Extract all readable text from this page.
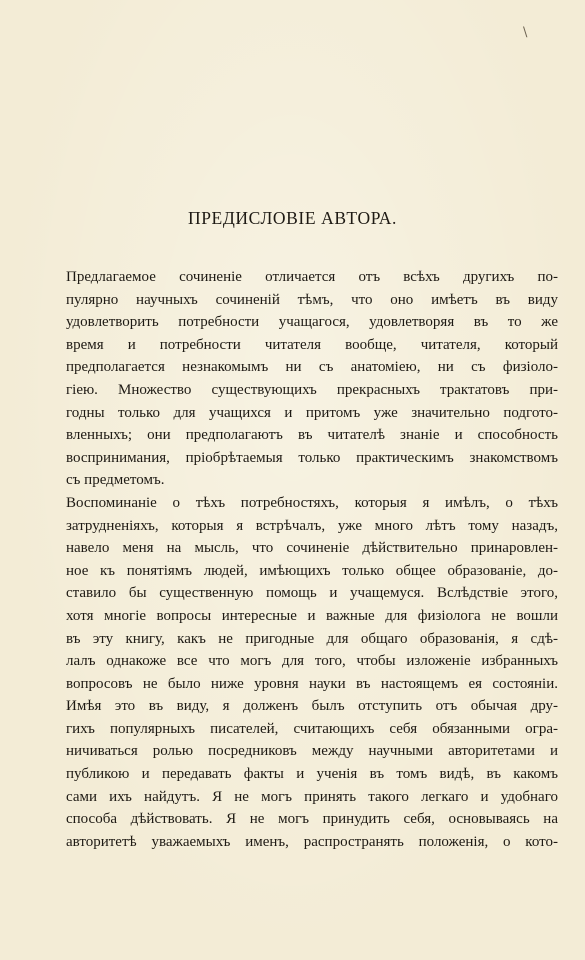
\
ПРЕДИСЛОВІЕ АВТОРА.
Предлагаемое сочиненіе отличается отъ всѣхъ другихъ по-
пулярно научныхъ сочиненій тѣмъ, что оно имѣетъ въ виду
удовлетворить потребности учащагося, удовлетворяя въ то же
время и потребности читателя вообще, читателя, который
предполагается незнакомымъ ни съ анатоміею, ни съ физіоло-
гіею. Множество существующихъ прекрасныхъ трактатовъ при-
годны только для учащихся и притомъ уже значительно подгото-
вленныхъ; они предполагаютъ въ читателѣ знаніе и способность
воспринимания, пріобрѣтаемыя только практическимъ знакомствомъ
съ предметомъ.
Воспоминаніе о тѣхъ потребностяхъ, которыя я имѣлъ, о тѣхъ
затрудненіяхъ, которыя я встрѣчалъ, уже много лѣтъ тому назадъ,
навело меня на мысль, что сочиненіе дѣйствительно принаровлен-
ное къ понятіямъ людей, имѣющихъ только общее образованіе, до-
ставило бы существенную помощь и учащемуся. Вслѣдствіе этого,
хотя многіе вопросы интересные и важные для физіолога не вошли
въ эту книгу, какъ не пригодные для общаго образованія, я сдѣ-
лалъ однакоже все что могъ для того, чтобы изложеніе избранныхъ
вопросовъ не было ниже уровня науки въ настоящемъ ея состояніи.
Имѣя это въ виду, я долженъ былъ отступить отъ обычая дру-
гихъ популярныхъ писателей, считающихъ себя обязанными огра-
ничиваться ролью посредниковъ между научными авторитетами и
публикою и передавать факты и ученія въ томъ видѣ, въ какомъ
сами ихъ найдутъ. Я не могъ принять такого легкаго и удобнаго
способа дѣйствовать. Я не могъ принудить себя, основываясь на
авторитетѣ уважаемыхъ именъ, распространять положенія, о кото-
